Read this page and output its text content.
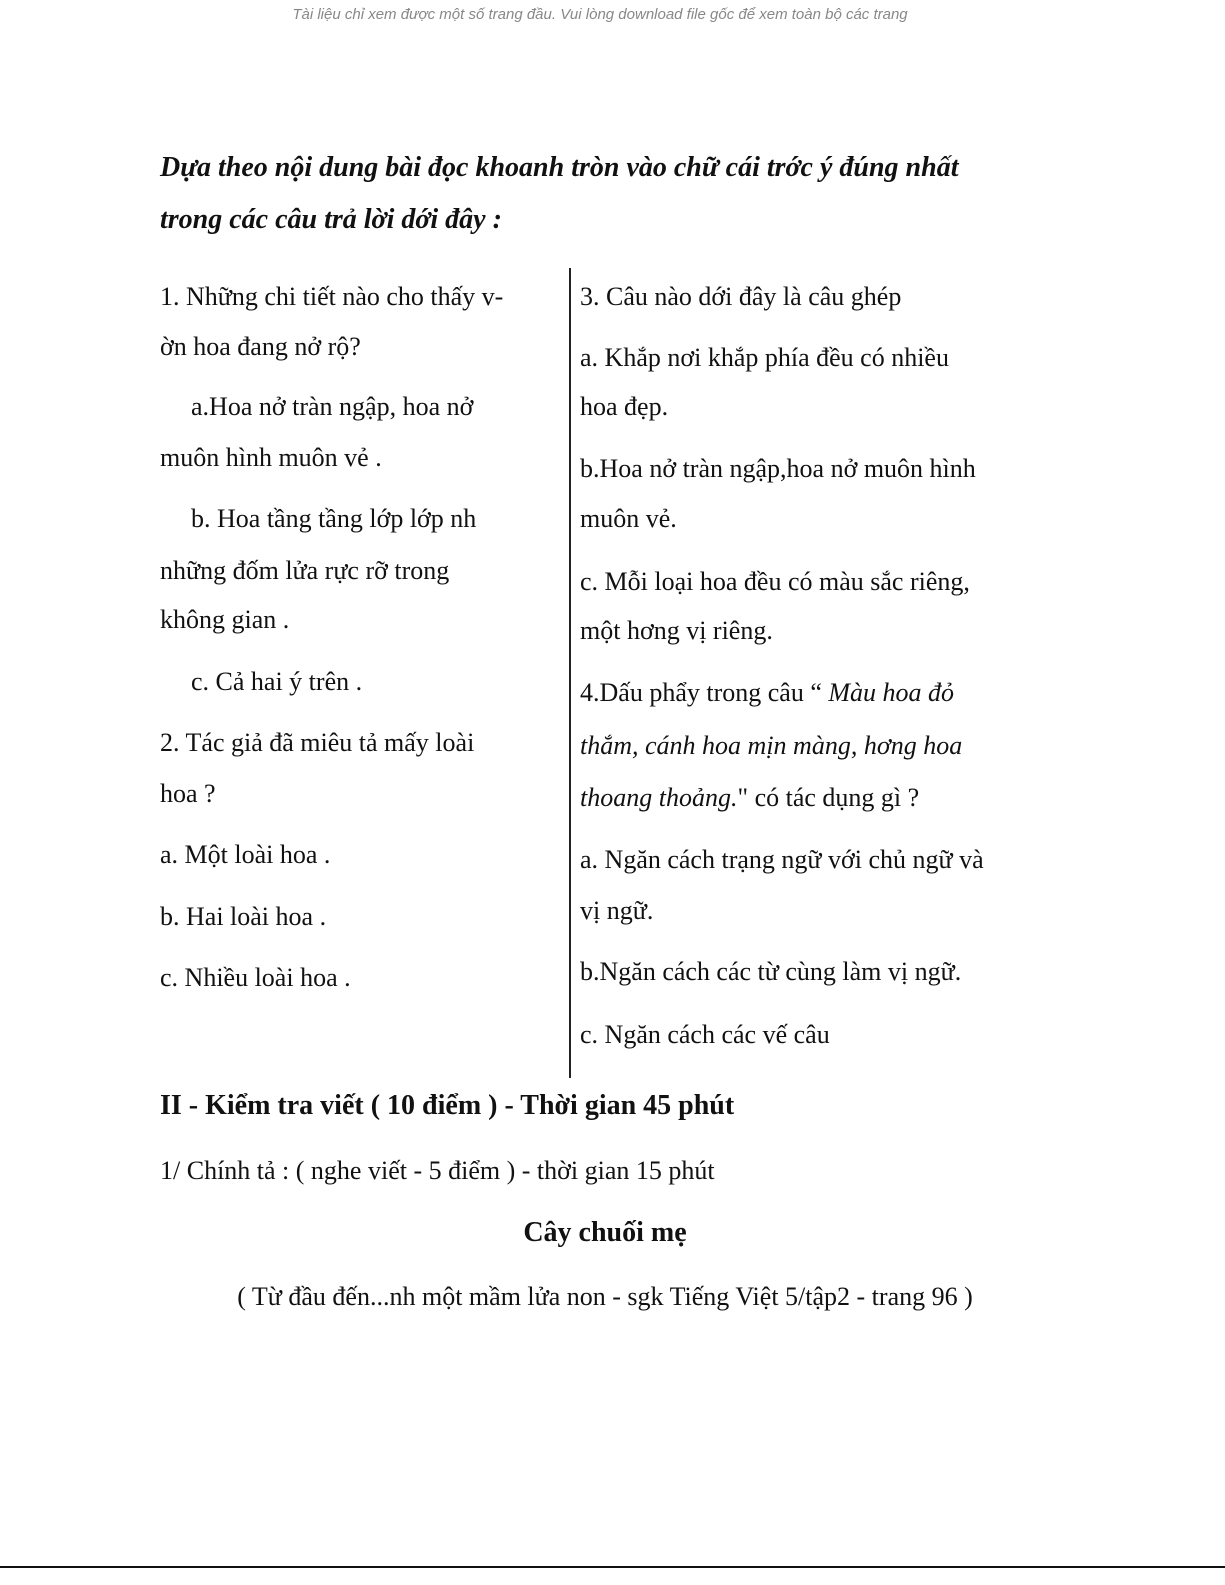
Tài liệu chỉ xem được một số trang đầu. Vui lòng download file gốc để xem toàn bộ các trang
Dựa theo nội dung bài đọc khoanh tròn vào chữ cái trớc ý đúng nhất
trong các câu trả lời dới đây :
1. Những chi tiết nào cho thấy v-
ờn hoa đang nở rộ?
a.Hoa nở tràn ngập, hoa nở
muôn hình muôn vẻ .
b. Hoa tầng tầng lớp lớp nh
những đốm lửa rực rỡ trong
không gian .
c. Cả hai ý trên .
2. Tác giả đã miêu tả mấy loài
hoa ?
a. Một loài hoa .
b. Hai loài hoa .
c. Nhiều loài hoa .
3. Câu nào dới đây là câu ghép
a. Khắp nơi khắp phía đều có nhiều
hoa đẹp.
b.Hoa nở tràn ngập,hoa nở muôn hình
muôn vẻ.
c. Mỗi loại hoa đều có màu sắc riêng,
một hơng vị riêng.
4.Dấu phẩy trong câu “ Màu hoa đỏ
thắm, cánh hoa mịn màng, hơng hoa
thoang thoảng." có tác dụng gì ?
a. Ngăn cách trạng ngữ với chủ ngữ và
vị ngữ.
b.Ngăn cách các từ cùng làm vị ngữ.
c. Ngăn cách các vế câu
II - Kiểm tra viết ( 10 điểm ) - Thời gian 45 phút
1/ Chính tả : ( nghe viết - 5 điểm ) - thời gian 15 phút
Cây chuối mẹ
( Từ đầu đến...nh một mầm lửa non - sgk Tiếng Việt 5/tập2 - trang 96 )
